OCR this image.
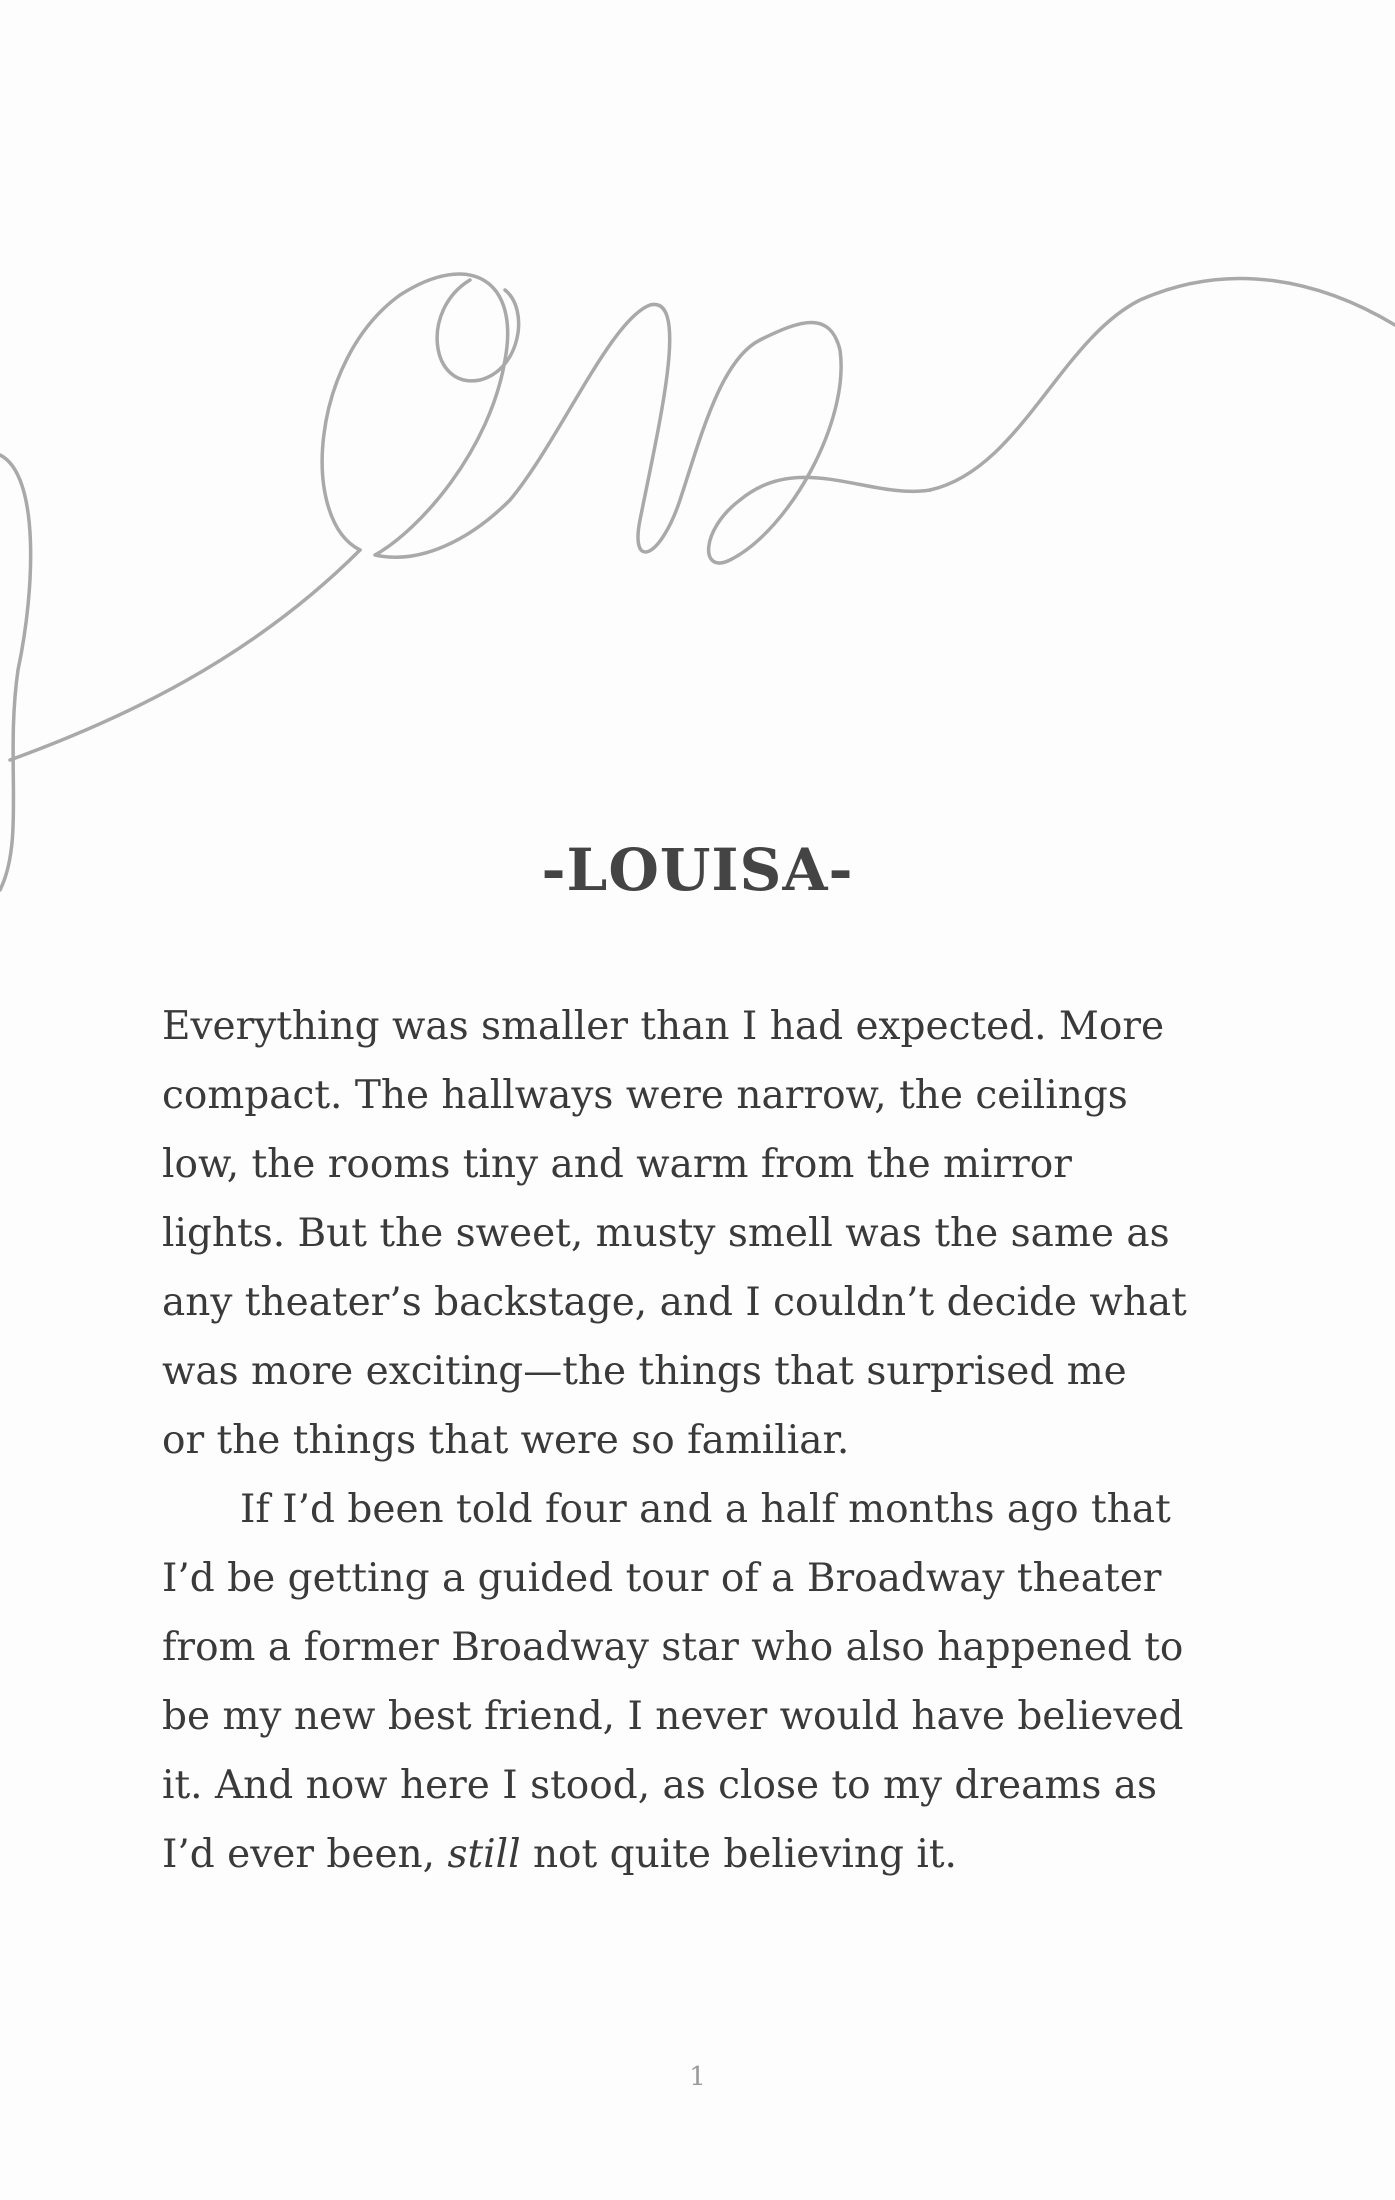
-LOUISA-

Everything was smaller than I had expected. More
compact. The hallways were narrow, the ceilings
low, the rooms tiny and warm from the mirror
lights. But the sweet, musty smell was the same as
any theater’s backstage, and I couldn’t decide what
was more exciting—the things that surprised me
or the things that were so familiar.

If I’d been told four and a half months ago that
I’d be getting a guided tour of a Broadway theater
from a former Broadway star who also happened to
be my new best friend, I never would have believed
it. And now here I stood, as close to my dreams as
I’d ever been, still not quite believing it.

1
